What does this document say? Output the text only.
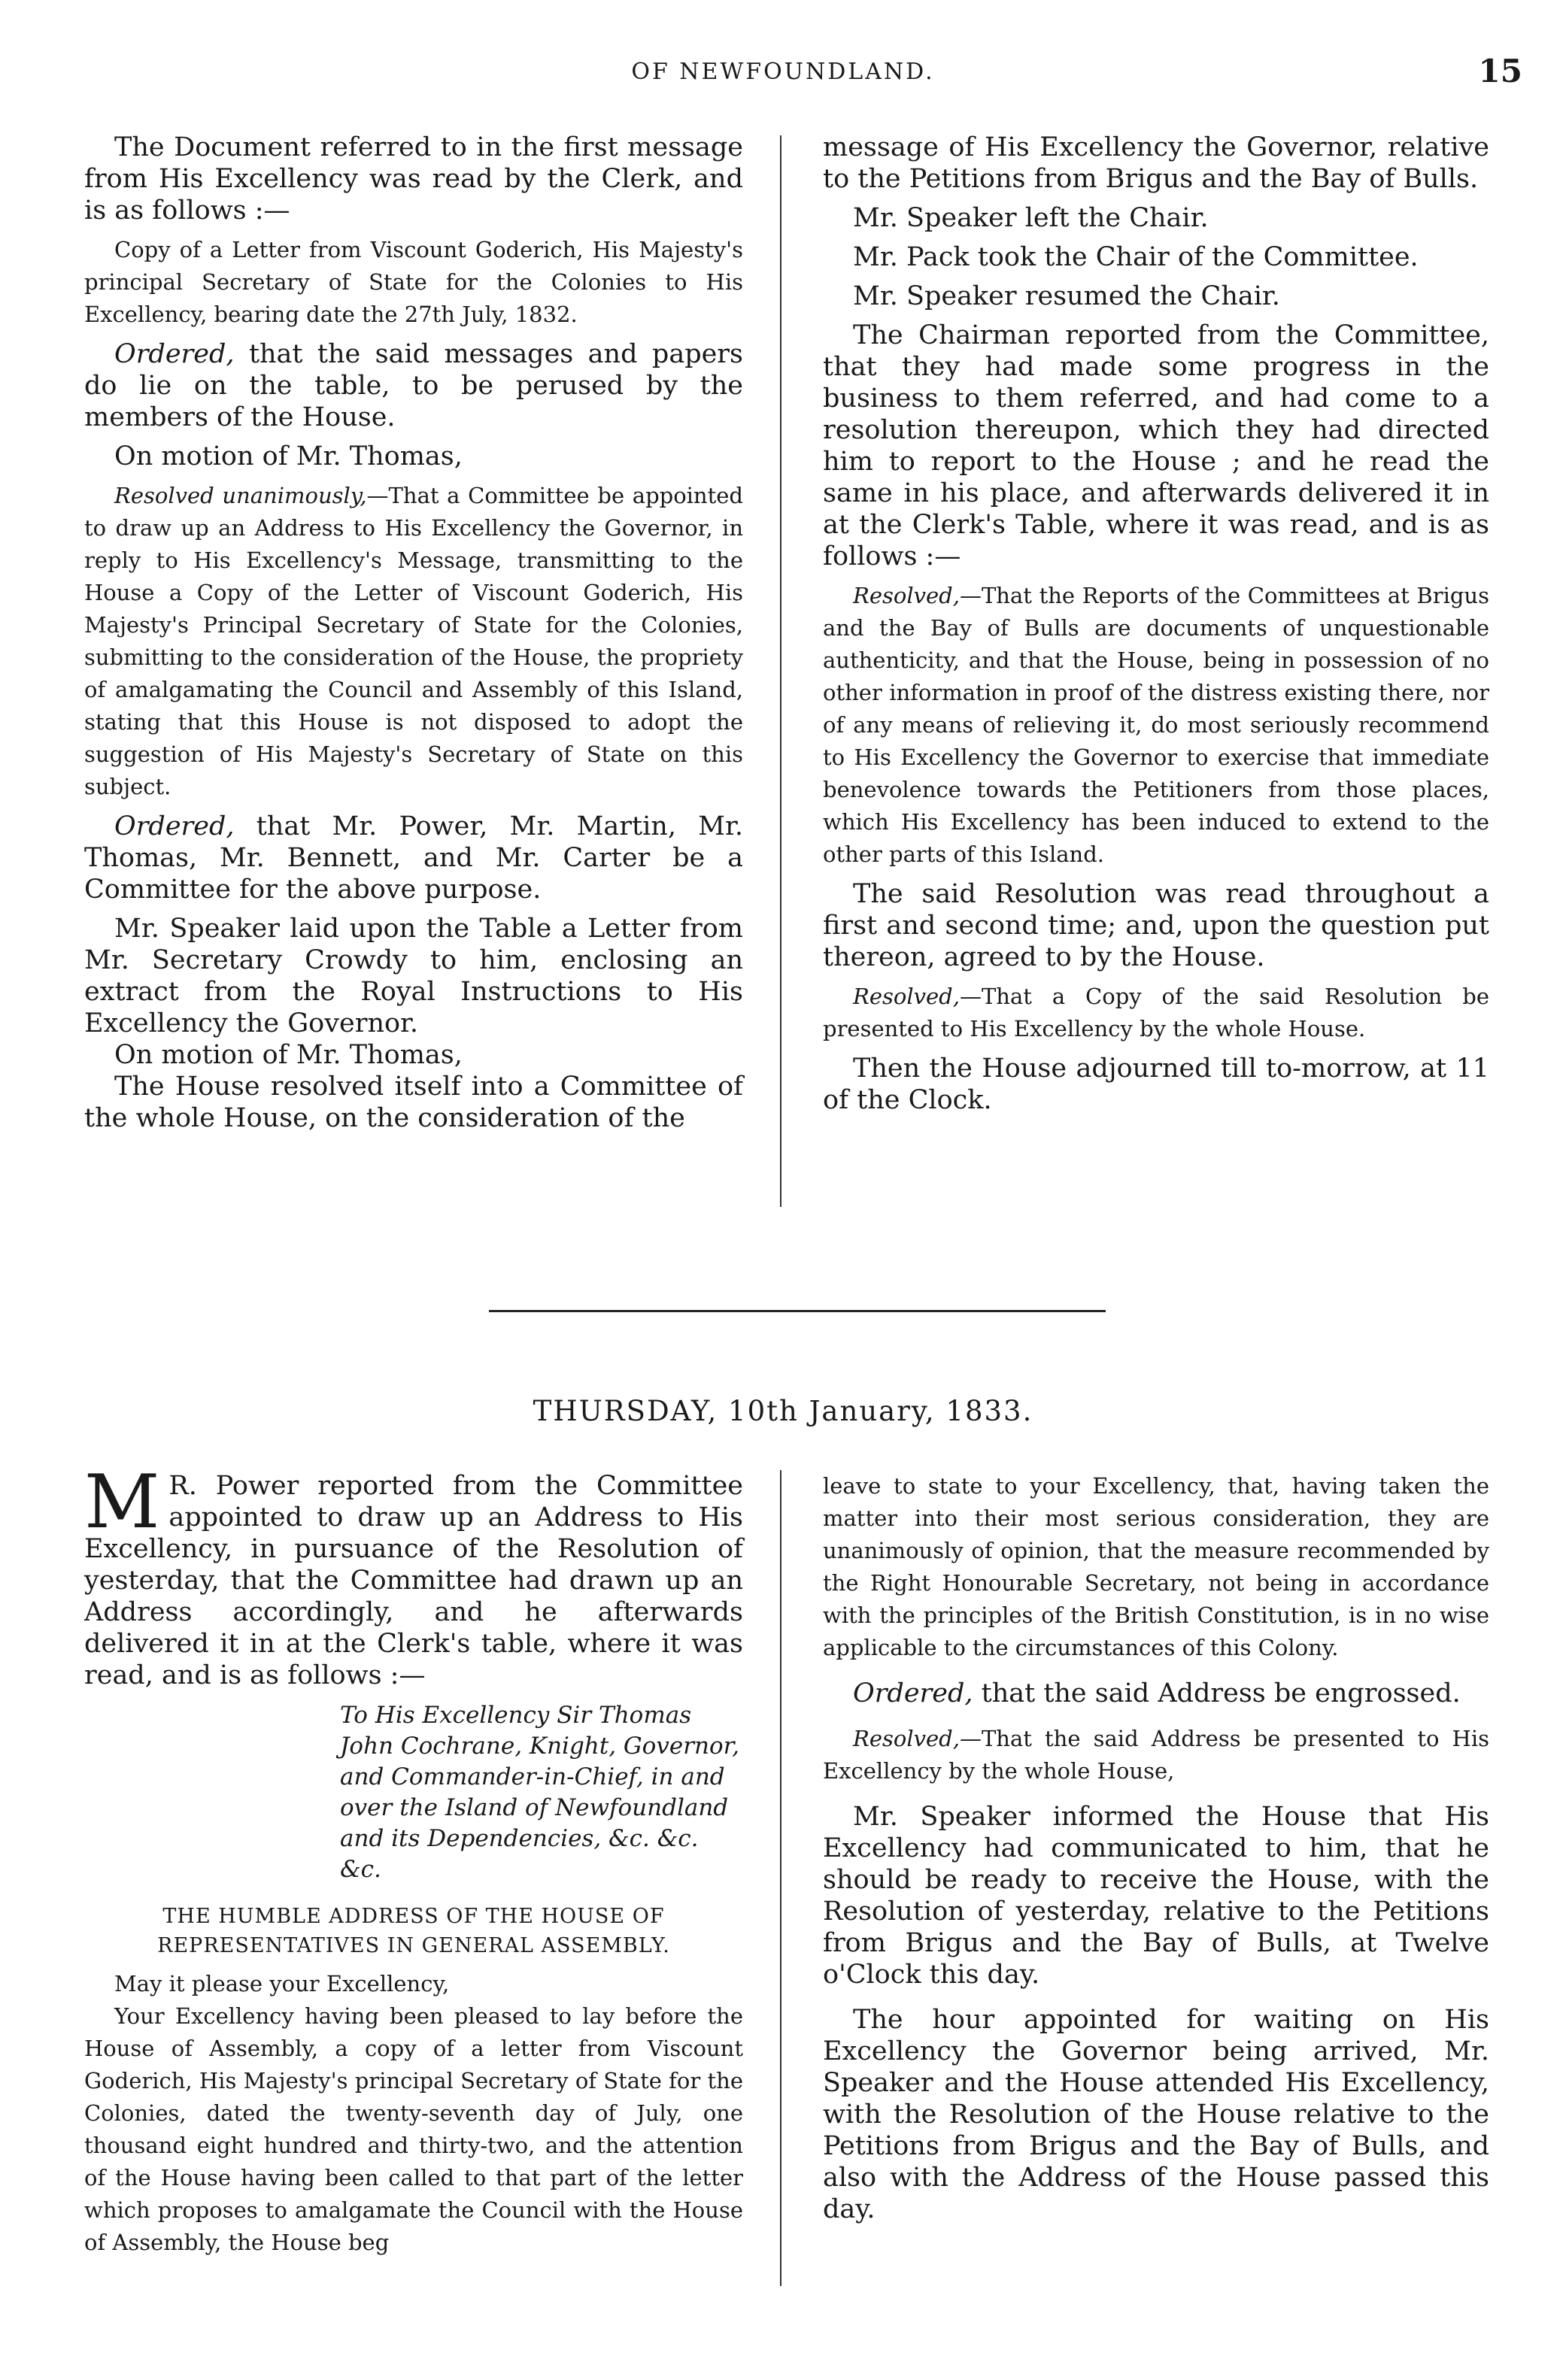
OF NEWFOUNDLAND.	15

The Document referred to in the first message from His Excellency was read by the Clerk, and is as follows :—

Copy of a Letter from Viscount Goderich, His Majesty's principal Secretary of State for the Colonies to His Excellency, bearing date the 27th July, 1832.

Ordered, that the said messages and papers do lie on the table, to be perused by the members of the House.

On motion of Mr. Thomas,

Resolved unanimously,—That a Committee be appointed to draw up an Address to His Excellency the Governor, in reply to His Excellency's Message, transmitting to the House a Copy of the Letter of Viscount Goderich, His Majesty's Principal Secretary of State for the Colonies, submitting to the consideration of the House, the propriety of amalgamating the Council and Assembly of this Island, stating that this House is not disposed to adopt the suggestion of His Majesty's Secretary of State on this subject.

Ordered, that Mr. Power, Mr. Martin, Mr. Thomas, Mr. Bennett, and Mr. Carter be a Committee for the above purpose.

Mr. Speaker laid upon the Table a Letter from Mr. Secretary Crowdy to him, enclosing an extract from the Royal Instructions to His Excellency the Governor.

On motion of Mr. Thomas,

The House resolved itself into a Committee of the whole House, on the consideration of the

message of His Excellency the Governor, relative to the Petitions from Brigus and the Bay of Bulls.

Mr. Speaker left the Chair.

Mr. Pack took the Chair of the Committee.

Mr. Speaker resumed the Chair.

The Chairman reported from the Committee, that they had made some progress in the business to them referred, and had come to a resolution thereupon, which they had directed him to report to the House ; and he read the same in his place, and afterwards delivered it in at the Clerk's Table, where it was read, and is as follows :—

Resolved,—That the Reports of the Committees at Brigus and the Bay of Bulls are documents of unquestionable authenticity, and that the House, being in possession of no other information in proof of the distress existing there, nor of any means of relieving it, do most seriously recommend to His Excellency the Governor to exercise that immediate benevolence towards the Petitioners from those places, which His Excellency has been induced to extend to the other parts of this Island.

The said Resolution was read throughout a first and second time; and, upon the question put thereon, agreed to by the House.

Resolved,—That a Copy of the said Resolution be presented to His Excellency by the whole House.

Then the House adjourned till to-morrow, at 11 of the Clock.

THURSDAY, 10th January, 1833.

M R. Power reported from the Committee appointed to draw up an Address to His Excellency, in pursuance of the Resolution of yesterday, that the Committee had drawn up an Address accordingly, and he afterwards delivered it in at the Clerk's table, where it was read, and is as follows :—

To His Excellency Sir Thomas John Cochrane, Knight, Governor, and Commander-in-Chief, in and over the Island of Newfoundland and its Dependencies, &c. &c. &c.

THE HUMBLE ADDRESS OF THE HOUSE OF REPRESENTATIVES IN GENERAL ASSEMBLY.

May it please your Excellency,

Your Excellency having been pleased to lay before the House of Assembly, a copy of a letter from Viscount Goderich, His Majesty's principal Secretary of State for the Colonies, dated the twenty-seventh day of July, one thousand eight hundred and thirty-two, and the attention of the House having been called to that part of the letter which proposes to amalgamate the Council with the House of Assembly, the House beg

leave to state to your Excellency, that, having taken the matter into their most serious consideration, they are unanimously of opinion, that the measure recommended by the Right Honourable Secretary, not being in accordance with the principles of the British Constitution, is in no wise applicable to the circumstances of this Colony.

Ordered, that the said Address be engrossed.

Resolved,—That the said Address be presented to His Excellency by the whole House,

Mr. Speaker informed the House that His Excellency had communicated to him, that he should be ready to receive the House, with the Resolution of yesterday, relative to the Petitions from Brigus and the Bay of Bulls, at Twelve o'Clock this day.

The hour appointed for waiting on His Excellency the Governor being arrived, Mr. Speaker and the House attended His Excellency, with the Resolution of the House relative to the Petitions from Brigus and the Bay of Bulls, and also with the Address of the House passed this day.
